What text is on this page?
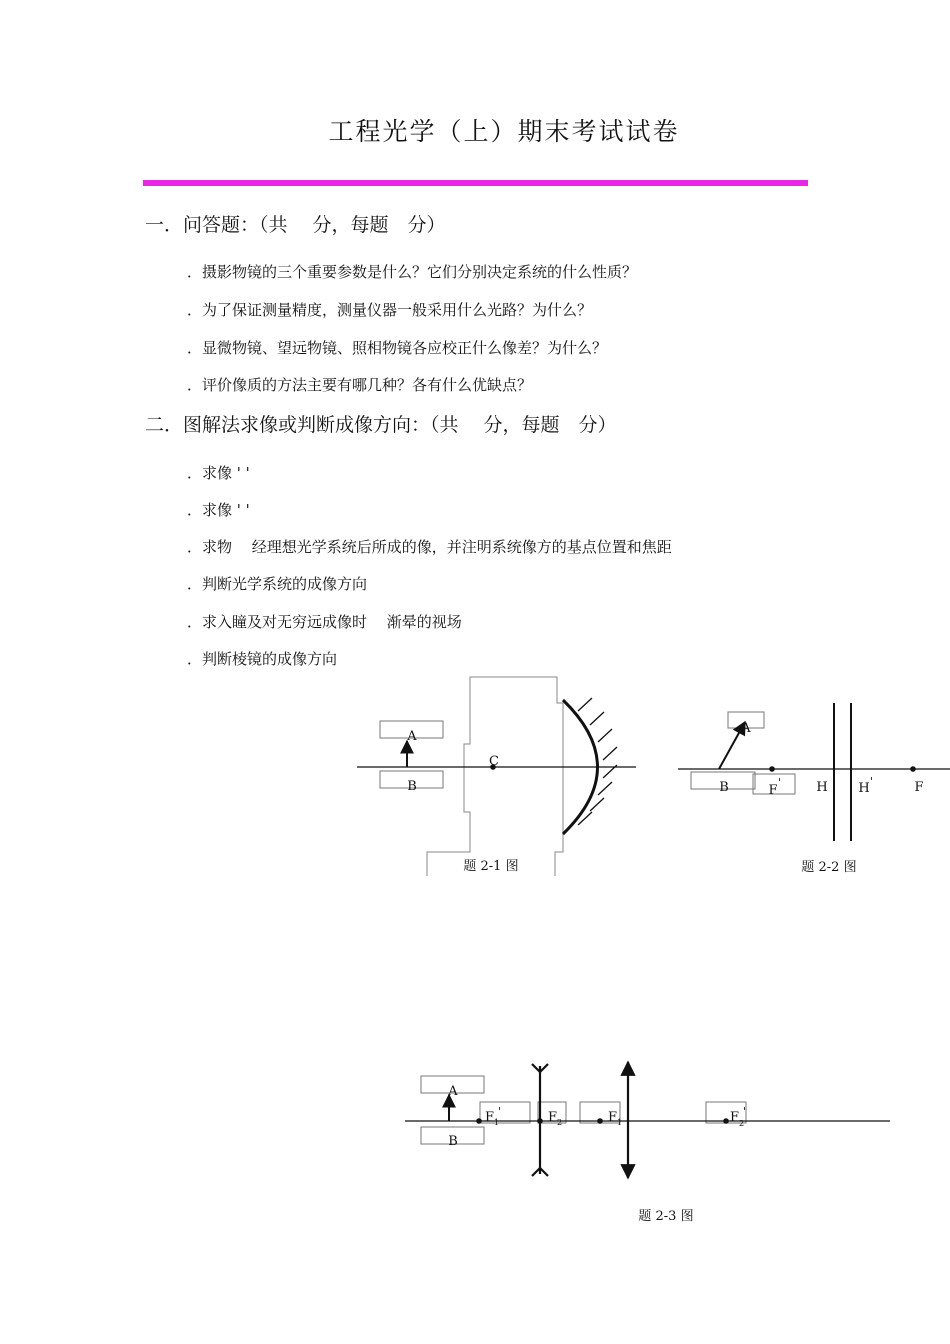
工程光学（上）期末考试试卷
一．问答题：（共　 分，每题　分）
．摄影物镜的三个重要参数是什么？它们分别决定系统的什么性质？
．为了保证测量精度，测量仪器一般采用什么光路？为什么？
．显微物镜、望远物镜、照相物镜各应校正什么像差？为什么？
．评价像质的方法主要有哪几种？各有什么优缺点？
二．图解法求像或判断成像方向：（共　 分，每题　分）
．求像 ' '
．求像 ' '
．求物　 经理想光学系统后所成的像，并注明系统像方的基点位置和焦距
．判断光学系统的成像方向
．求入瞳及对无穷远成像时　 渐晕的视场
．判断棱镜的成像方向
A
B
C
题 2-1 图
A
B	F
'	H H '	F
题 2-2 图
A
B
F 1
'	F 2	F 1	F 2
'
题 2-3 图
